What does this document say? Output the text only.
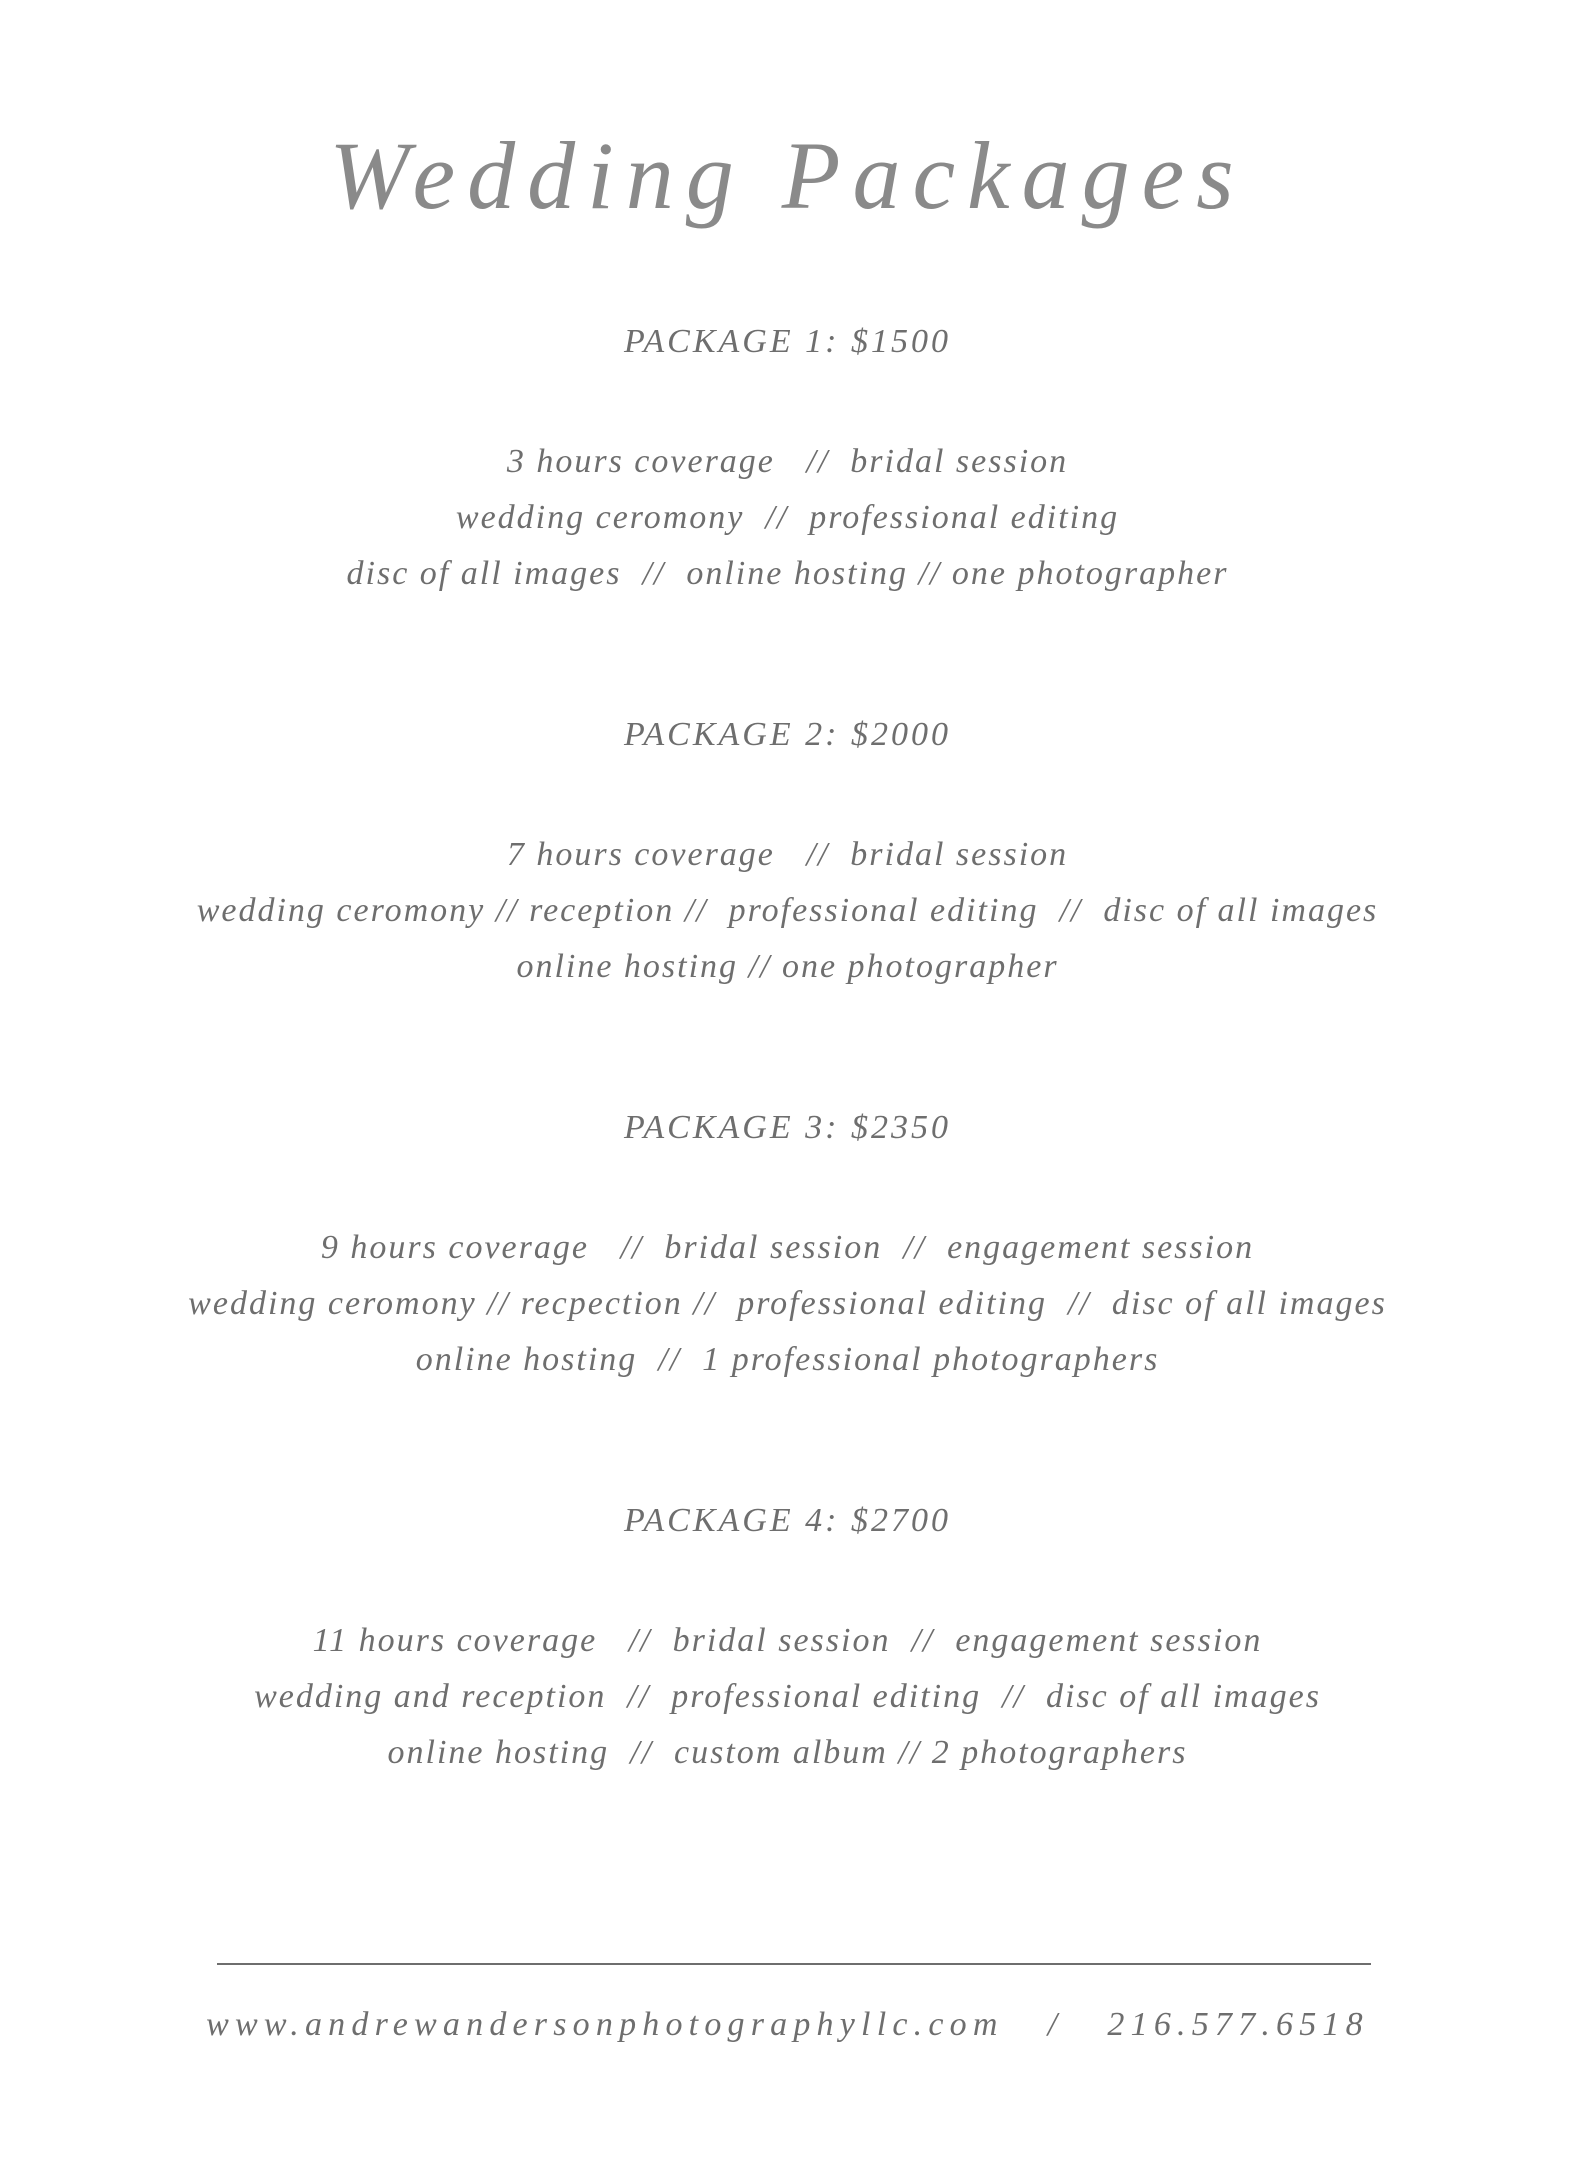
Wedding Packages
PACKAGE 1: $1500
3 hours coverage   //  bridal session
wedding ceromony  //  professional editing
disc of all images  //  online hosting // one photographer
PACKAGE 2: $2000
7 hours coverage   //  bridal session
wedding ceromony // reception //  professional editing  //  disc of all images
online hosting // one photographer
PACKAGE 3: $2350
9 hours coverage   //  bridal session  //  engagement session
wedding ceromony // recpection //  professional editing  //  disc of all images
online hosting  //  1 professional photographers
PACKAGE 4: $2700
11 hours coverage   //  bridal session  //  engagement session
wedding and reception  //  professional editing  //  disc of all images
online hosting  //  custom album // 2 photographers
www.andrewandersonphotographyllc.com   /   216.577.6518
